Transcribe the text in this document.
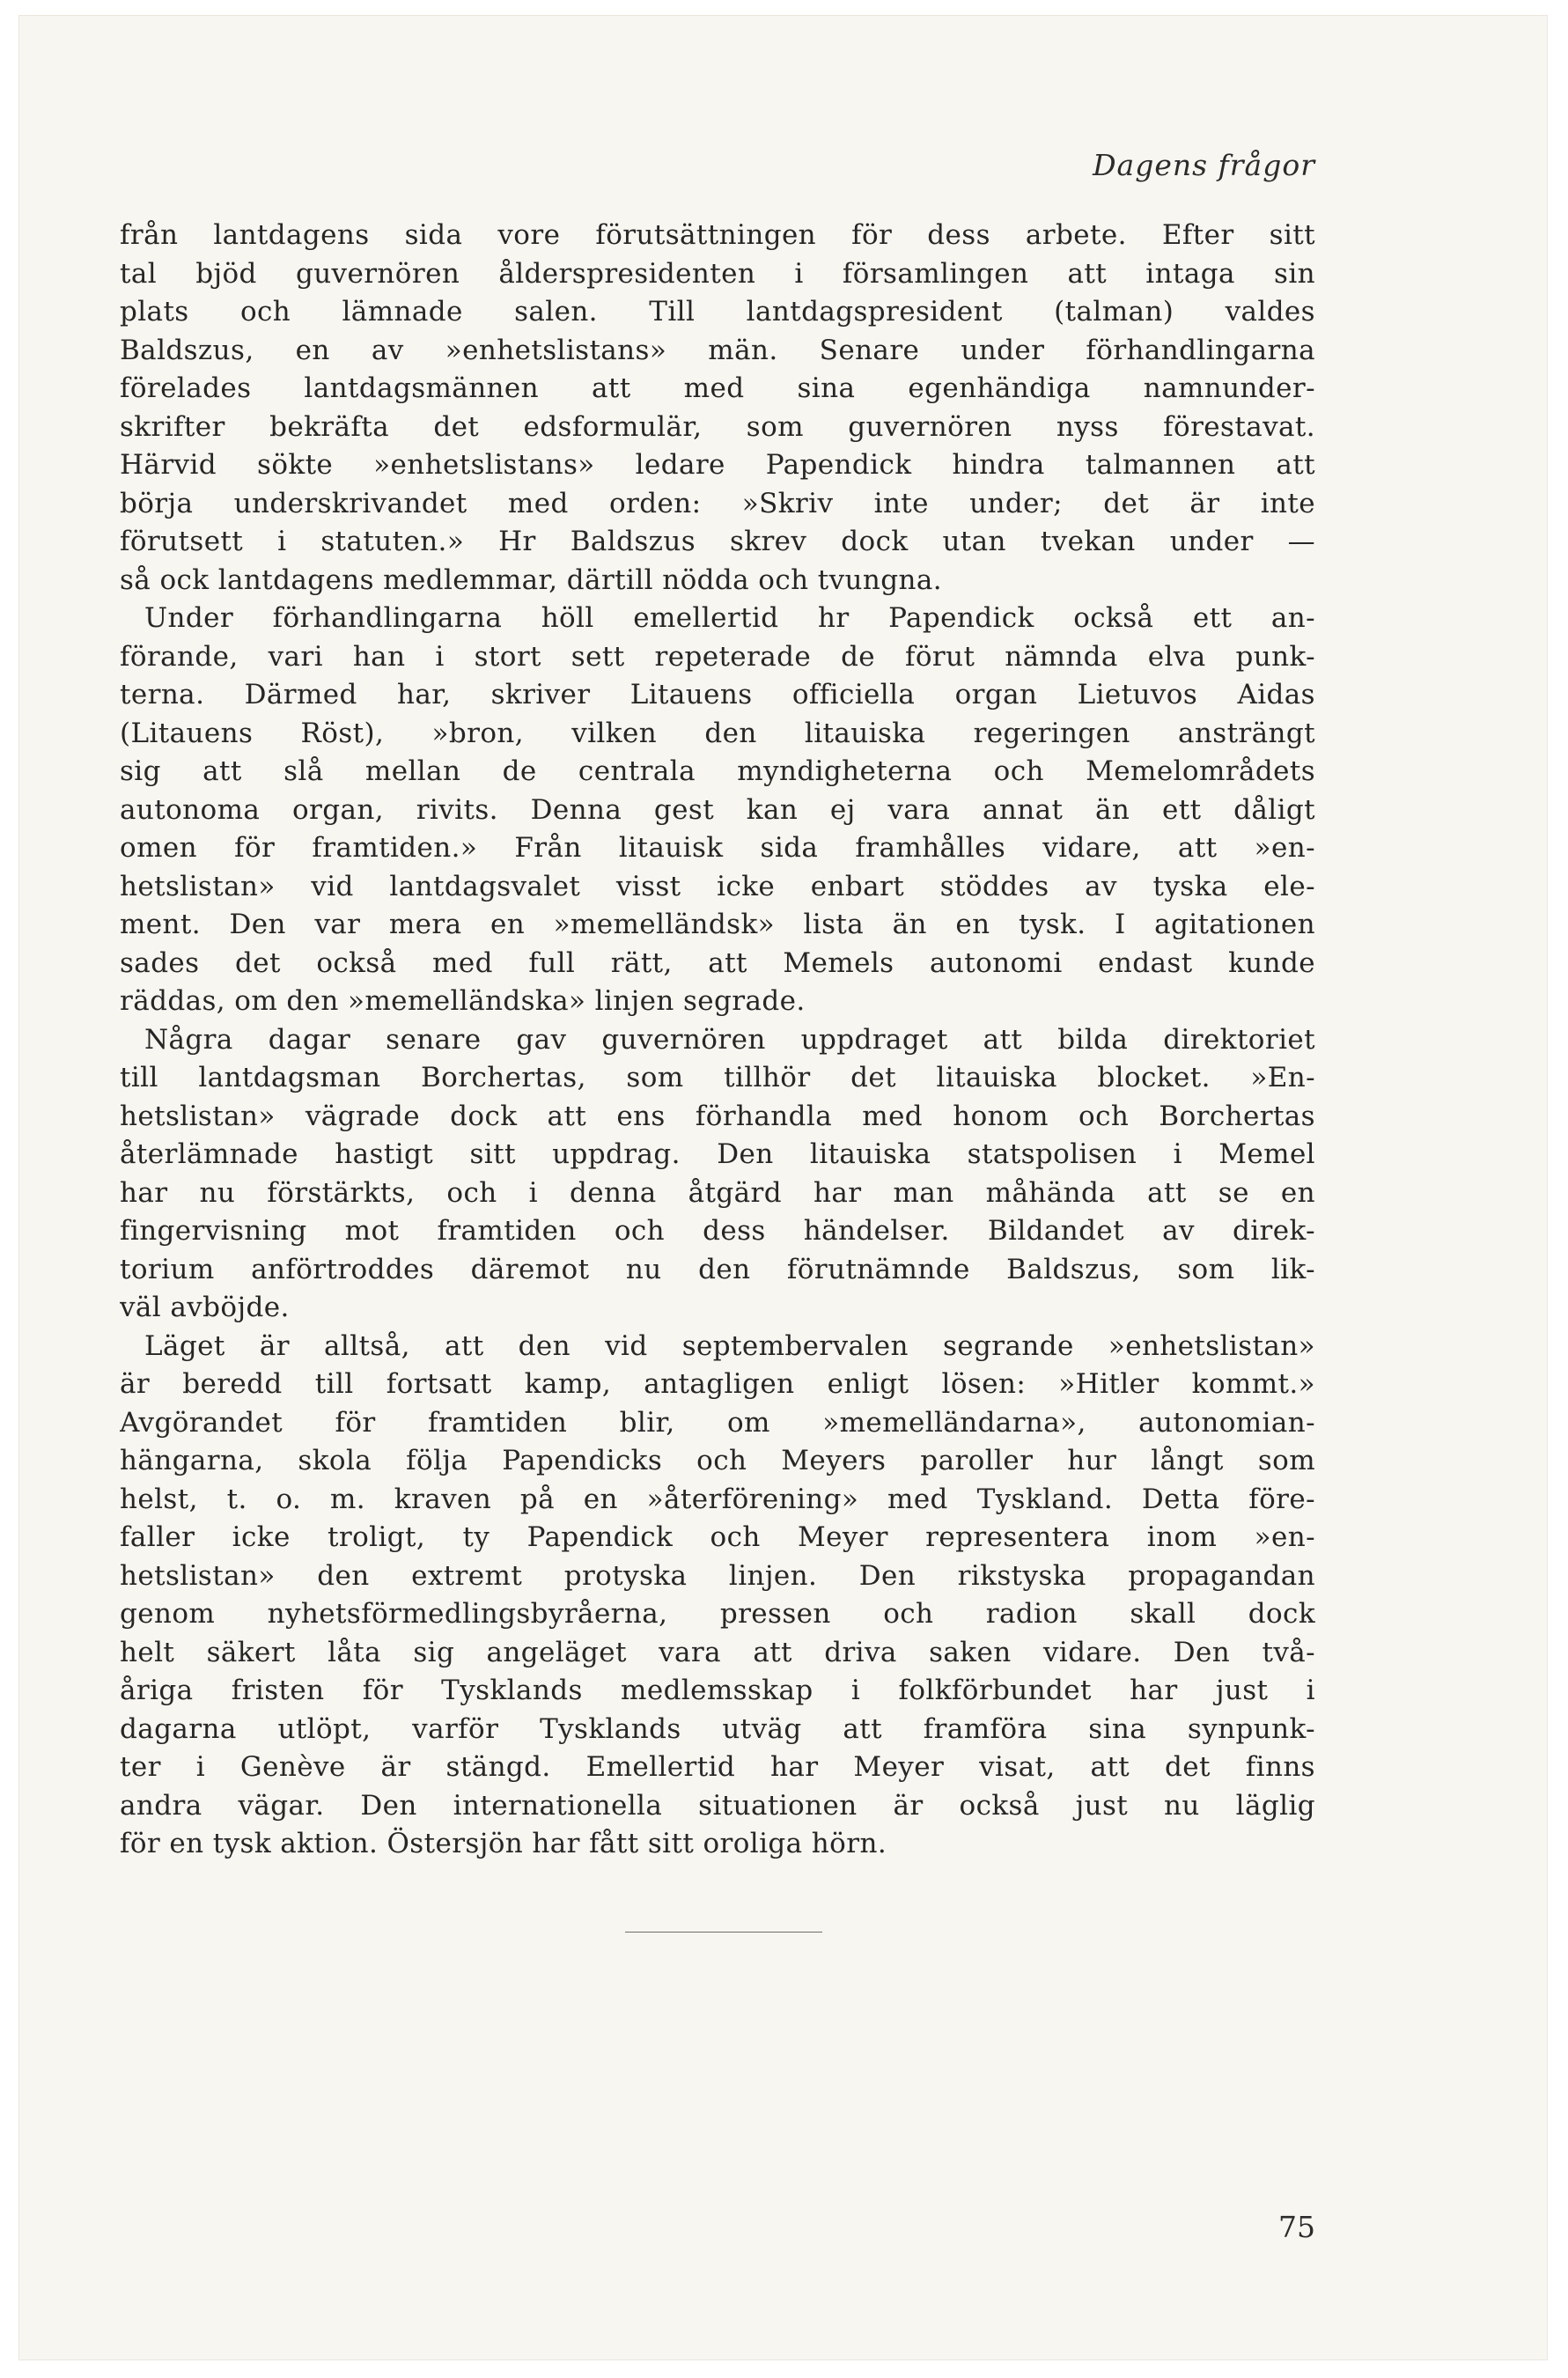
Dagens frågor

från lantdagens sida vore förutsättningen för dess arbete. Efter sitt
tal bjöd guvernören ålderspresidenten i församlingen att intaga sin
plats och lämnade salen. Till lantdagspresident (talman) valdes
Baldszus, en av »enhetslistans» män. Senare under förhandlingarna
förelades lantdagsmännen att med sina egenhändiga namnunder-
skrifter bekräfta det edsformulär, som guvernören nyss förestavat.
Härvid sökte »enhetslistans» ledare Papendick hindra talmannen att
börja underskrivandet med orden: »Skriv inte under; det är inte
förutsett i statuten.» Hr Baldszus skrev dock utan tvekan under —
så ock lantdagens medlemmar, därtill nödda och tvungna.

Under förhandlingarna höll emellertid hr Papendick också ett an-
förande, vari han i stort sett repeterade de förut nämnda elva punk-
terna. Därmed har, skriver Litauens officiella organ Lietuvos Aidas
(Litauens Röst), »bron, vilken den litauiska regeringen ansträngt
sig att slå mellan de centrala myndigheterna och Memelområdets
autonoma organ, rivits. Denna gest kan ej vara annat än ett dåligt
omen för framtiden.» Från litauisk sida framhålles vidare, att »en-
hetslistan» vid lantdagsvalet visst icke enbart stöddes av tyska ele-
ment. Den var mera en »memelländsk» lista än en tysk. I agitationen
sades det också med full rätt, att Memels autonomi endast kunde
räddas, om den »memelländska» linjen segrade.

Några dagar senare gav guvernören uppdraget att bilda direktoriet
till lantdagsman Borchertas, som tillhör det litauiska blocket. »En-
hetslistan» vägrade dock att ens förhandla med honom och Borchertas
återlämnade hastigt sitt uppdrag. Den litauiska statspolisen i Memel
har nu förstärkts, och i denna åtgärd har man måhända att se en
fingervisning mot framtiden och dess händelser. Bildandet av direk-
torium anförtroddes däremot nu den förutnämnde Baldszus, som lik-
väl avböjde.

Läget är alltså, att den vid septembervalen segrande »enhetslistan»
är beredd till fortsatt kamp, antagligen enligt lösen: »Hitler kommt.»
Avgörandet för framtiden blir, om »memelländarna», autonomian-
hängarna, skola följa Papendicks och Meyers paroller hur långt som
helst, t. o. m. kraven på en »återförening» med Tyskland. Detta före-
faller icke troligt, ty Papendick och Meyer representera inom »en-
hetslistan» den extremt protyska linjen. Den rikstyska propagandan
genom nyhetsförmedlingsbyråerna, pressen och radion skall dock
helt säkert låta sig angeläget vara att driva saken vidare. Den två-
åriga fristen för Tysklands medlemsskap i folkförbundet har just i
dagarna utlöpt, varför Tysklands utväg att framföra sina synpunk-
ter i Genève är stängd. Emellertid har Meyer visat, att det finns
andra vägar. Den internationella situationen är också just nu läglig
för en tysk aktion. Östersjön har fått sitt oroliga hörn.

75
